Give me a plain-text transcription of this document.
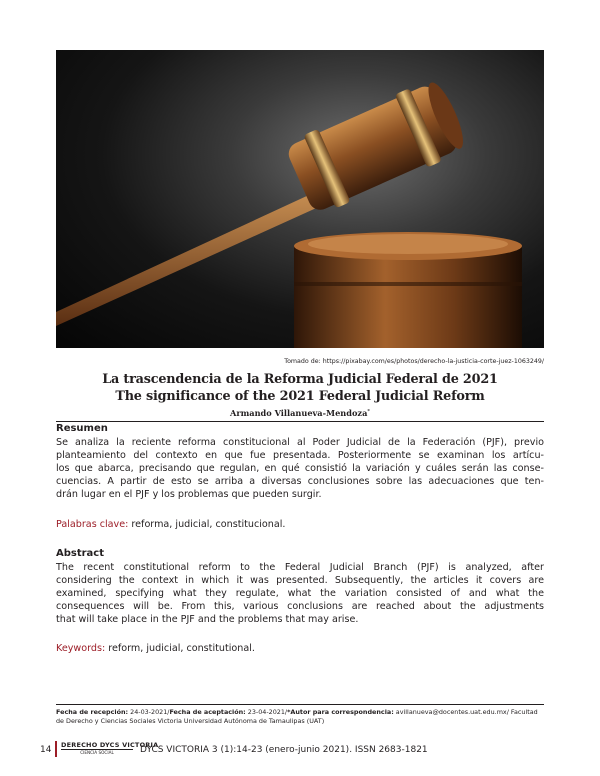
Tomado de: https://pixabay.com/es/photos/derecho-la-justicia-corte-juez-1063249/
La trascendencia de la Reforma Judicial Federal de 2021
The significance of the 2021 Federal Judicial Reform
Armando Villanueva-Mendoza*
Resumen
Se analiza la reciente reforma constitucional al Poder Judicial de la Federación (PJF), previo
planteamiento del contexto en que fue presentada. Posteriormente se examinan los artícu-
los que abarca, precisando que regulan, en qué consistió la variación y cuáles serán las conse-
cuencias. A partir de esto se arriba a diversas conclusiones sobre las adecuaciones que ten-
drán lugar en el PJF y los problemas que pueden surgir.
Palabras clave: reforma, judicial, constitucional.
Abstract
The recent constitutional reform to the Federal Judicial Branch (PJF) is analyzed, after
considering the context in which it was presented. Subsequently, the articles it covers are
examined, specifying what they regulate, what the variation consisted of and what the
consequences will be. From this, various conclusions are reached about the adjustments
that will take place in the PJF and the problems that may arise.
Keywords: reform, judicial, constitutional.
Fecha de recepción: 24-03-2021/Fecha de aceptación: 23-04-2021/*Autor para correspondencia: avillanueva@docentes.uat.edu.mx/ Facultad
de Derecho y Ciencias Sociales Victoria Universidad Autónoma de Tamaulipas (UAT)
14 DERECHO DYCS VICTORIA
CIENCIA SOCIAL	DYCS VICTORIA 3 (1):14-23 (enero-junio 2021). ISSN 2683-1821
